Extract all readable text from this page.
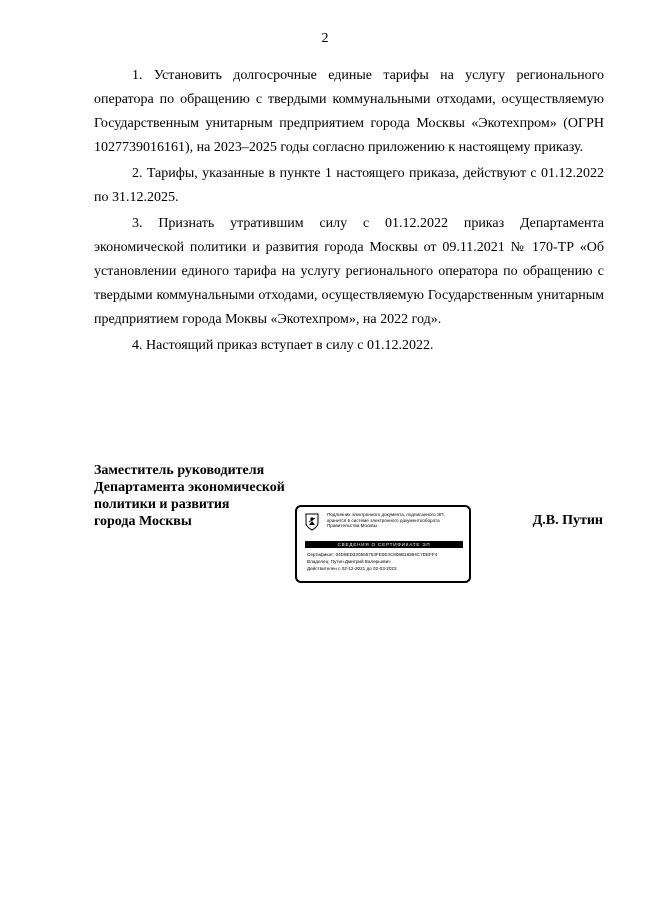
2

1. Установить долгосрочные единые тарифы на услугу регионального оператора по обращению с твердыми коммунальными отходами, осуществляемую Государственным унитарным предприятием города Москвы «Экотехпром» (ОГРН 1027739016161), на 2023–2025 годы согласно приложению к настоящему приказу.

2. Тарифы, указанные в пункте 1 настоящего приказа, действуют с 01.12.2022 по 31.12.2025.

3. Признать утратившим силу с 01.12.2022 приказ Департамента экономической политики и развития города Москвы от 09.11.2021 № 170-ТР «Об установлении единого тарифа на услугу регионального оператора по обращению с твердыми коммунальными отходами, осуществляемую Государственным унитарным предприятием города Моквы «Экотехпром», на 2022 год».

4. Настоящий приказ вступает в силу с 01.12.2022.

Заместитель руководителя
Департамента экономической
политики и развития
города Москвы	Д.В. Путин
Подлинник электронного документа, подписанного ЭП,
хранится в системе электронного документооборота
Правительства Москвы
СВЕДЕНИЯ О СЕРТИФИКАТЕ ЭП
Сертификат: 04D8ED320565753FE0E3C809B18394C7DEFF4
Владелец: Путин Дмитрий Валерьевич
Действителен с 02-12-2021 до 02-03-2023
